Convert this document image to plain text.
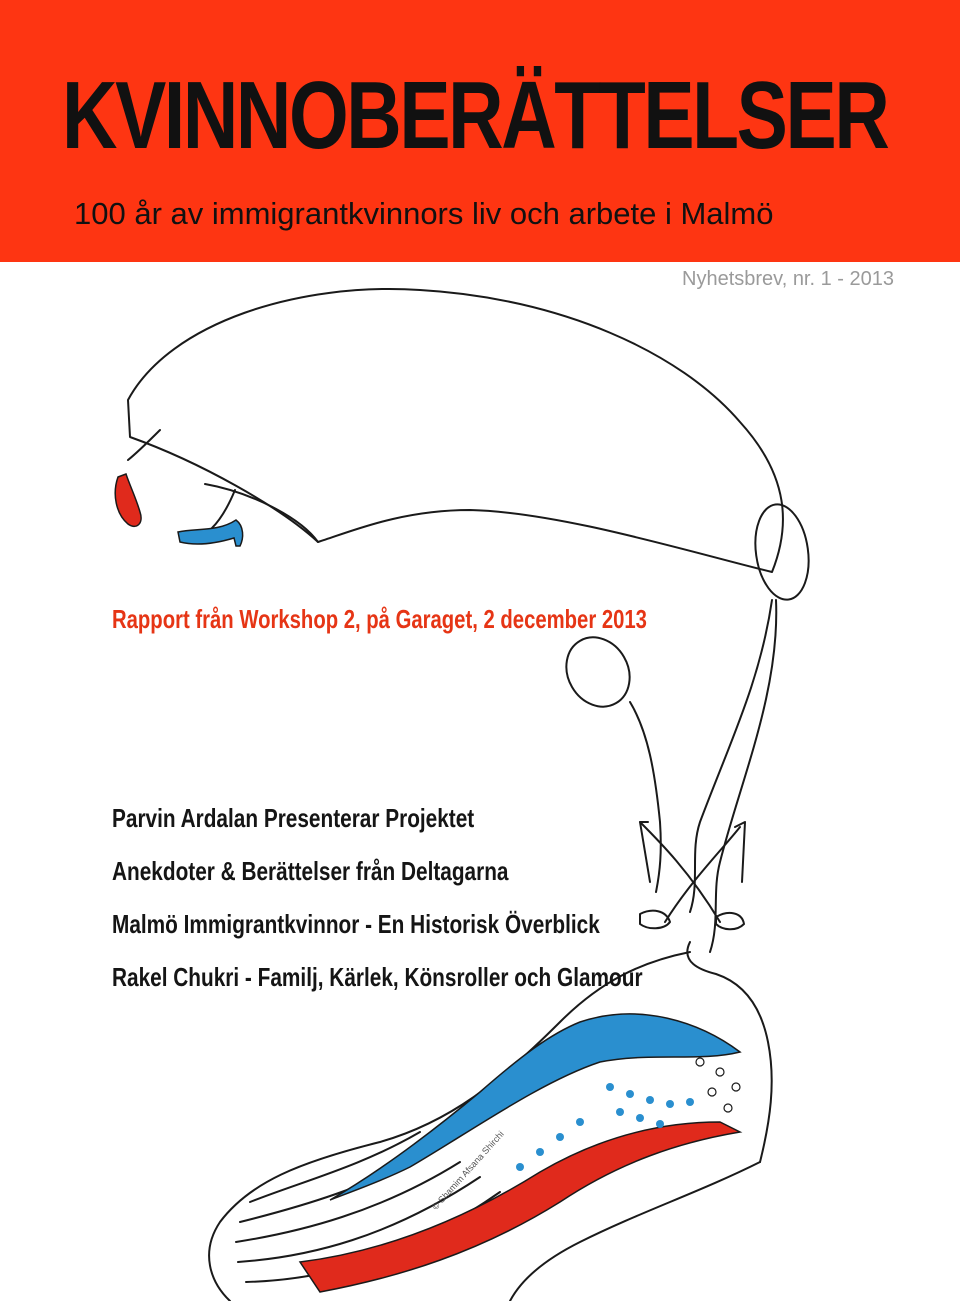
KVINNOBERÄTTELSER

100 år av immigrantkvinnors liv och arbete i Malmö

Nyhetsbrev, nr. 1 - 2013
Rapport från Workshop 2, på Garaget, 2 december 2013
Parvin Ardalan Presenterar Projektet
Anekdoter & Berättelser från Deltagarna
Malmö Immigrantkvinnor - En Historisk Överblick
Rakel Chukri - Familj, Kärlek, Könsroller och Glamour
© Shamim Afsana Shirchi
